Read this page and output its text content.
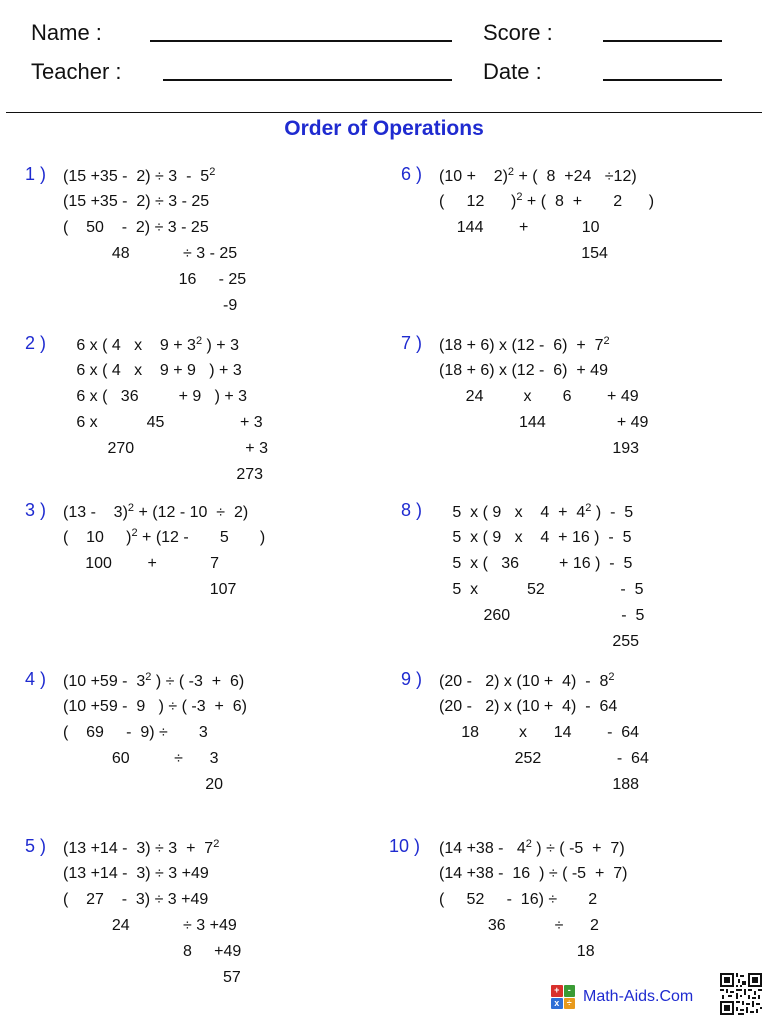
Name :
Teacher :
Score :
Date :
Order of Operations
1 ) $(15 +35 - 2) \div 3 - 5^2$
(15 +35 -  2) ÷ 3 - 25
(    50    -  2) ÷ 3 - 25
48            ÷ 3 - 25
16     - 25
-9
2 ) 6 x ( 4   x    $9 + 3^2$ ) + 3
6 x ( 4   x    9 + 9   ) + 3
6 x (   36         + 9   ) + 3
6 x           45                 + 3
270                         + 3
273
3 ) (13 -    3)$^2$ + (12 - 10  ÷  2)
(    10     )$^2$ + (12 -       5       )
100        +            7
107
4 ) ($10 +59 - 3^2$ ) ÷ ( -3  +  6)
(10 +59 -  9   ) ÷ ( -3  +  6)
(    69     -  9) ÷       3
60          ÷      3
20
5 ) $(13 +14 - 3) \div 3 + 7^2$
(13 +14 -  3) ÷ 3 +49
(    27    -  3) ÷ 3 +49
24            ÷ 3 +49
8     +49
57
6 ) (10 +    2)$^2$ + (  8  +24   ÷12)
(     12      )$^2$ + (  8  +       2      )
144        +            10
154
7 ) (18 + 6) x $(12 - 6) + 7^2$
(18 + 6) x (12 -  6)  + 49
24         x       6        + 49
144                + 49
193
8 ) 5  x ( 9   x    $4 + 4^2$ )  -  5
5  x ( 9   x    4  + 16 )  -  5
5  x (   36         + 16 )  -  5
5  x           52                 -  5
260                         -  5
255
9 ) (20 -   2) x $(10 + 4) - 8^2$
(20 -   2) x (10 +  4)  -  64
18         x      14        -  64
252                 -  64
188
10 ) ($14 +38 - 4^2$ ) ÷ ( -5  +  7)
(14 +38 -  16  ) ÷ ( -5  +  7)
(     52     -  16) ÷       2
36           ÷      2
18
+ -
x ÷ Math-Aids.Com
